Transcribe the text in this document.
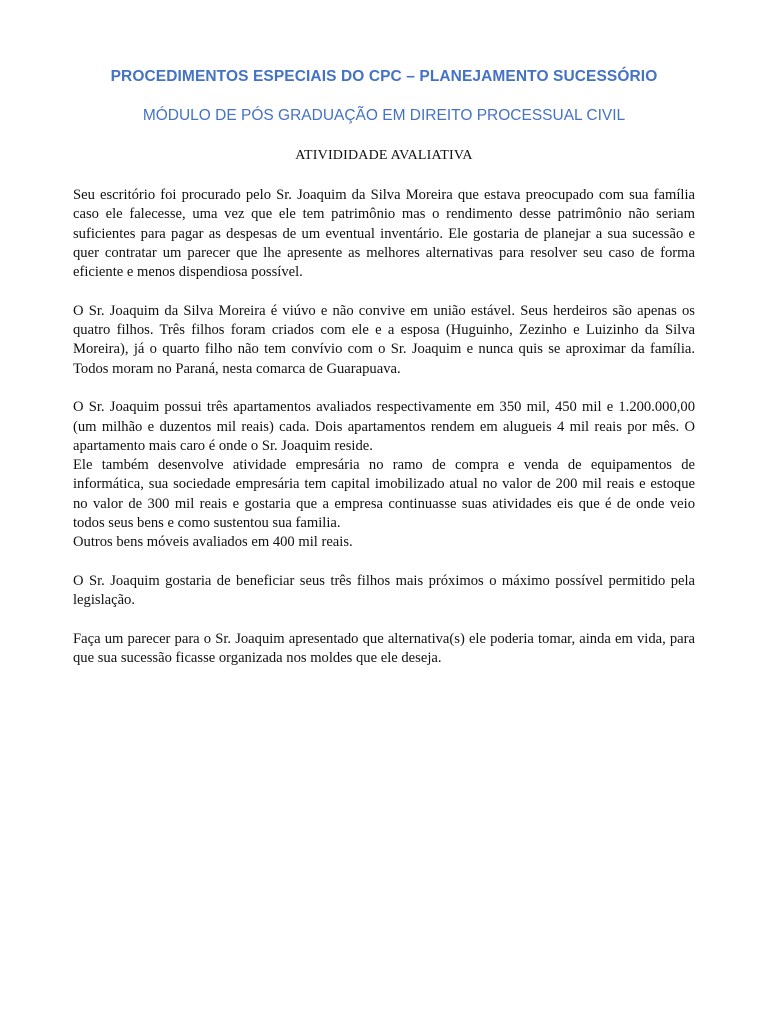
PROCEDIMENTOS ESPECIAIS DO CPC – PLANEJAMENTO SUCESSÓRIO
MÓDULO DE PÓS GRADUAÇÃO EM DIREITO PROCESSUAL CIVIL
ATIVIDIDADE AVALIATIVA

Seu escritório foi procurado pelo Sr. Joaquim da Silva Moreira que estava preocupado com sua família caso ele falecesse, uma vez que ele tem patrimônio mas o rendimento desse patrimônio não seriam suficientes para pagar as despesas de um eventual inventário. Ele gostaria de planejar a sua sucessão e quer contratar um parecer que lhe apresente as melhores alternativas para resolver seu caso de forma eficiente e menos dispendiosa possível.

O Sr. Joaquim da Silva Moreira é viúvo e não convive em união estável. Seus herdeiros são apenas os quatro filhos. Três filhos foram criados com ele e a esposa (Huguinho, Zezinho e Luizinho da Silva Moreira), já o quarto filho não tem convívio com o Sr. Joaquim e nunca quis se aproximar da família. Todos moram no Paraná, nesta comarca de Guarapuava.

O Sr. Joaquim possui três apartamentos avaliados respectivamente em 350 mil, 450 mil e 1.200.000,00 (um milhão e duzentos mil reais) cada. Dois apartamentos rendem em alugueis 4 mil reais por mês. O apartamento mais caro é onde o Sr. Joaquim reside.

Ele também desenvolve atividade empresária no ramo de compra e venda de equipamentos de informática, sua sociedade empresária tem capital imobilizado atual no valor de 200 mil reais e estoque no valor de 300 mil reais e gostaria que a empresa continuasse suas atividades eis que é de onde veio todos seus bens e como sustentou sua familia.

Outros bens móveis avaliados em 400 mil reais.

O Sr. Joaquim gostaria de beneficiar seus três filhos mais próximos o máximo possível permitido pela legislação.

Faça um parecer para o Sr. Joaquim apresentado que alternativa(s) ele poderia tomar, ainda em vida, para que sua sucessão ficasse organizada nos moldes que ele deseja.
